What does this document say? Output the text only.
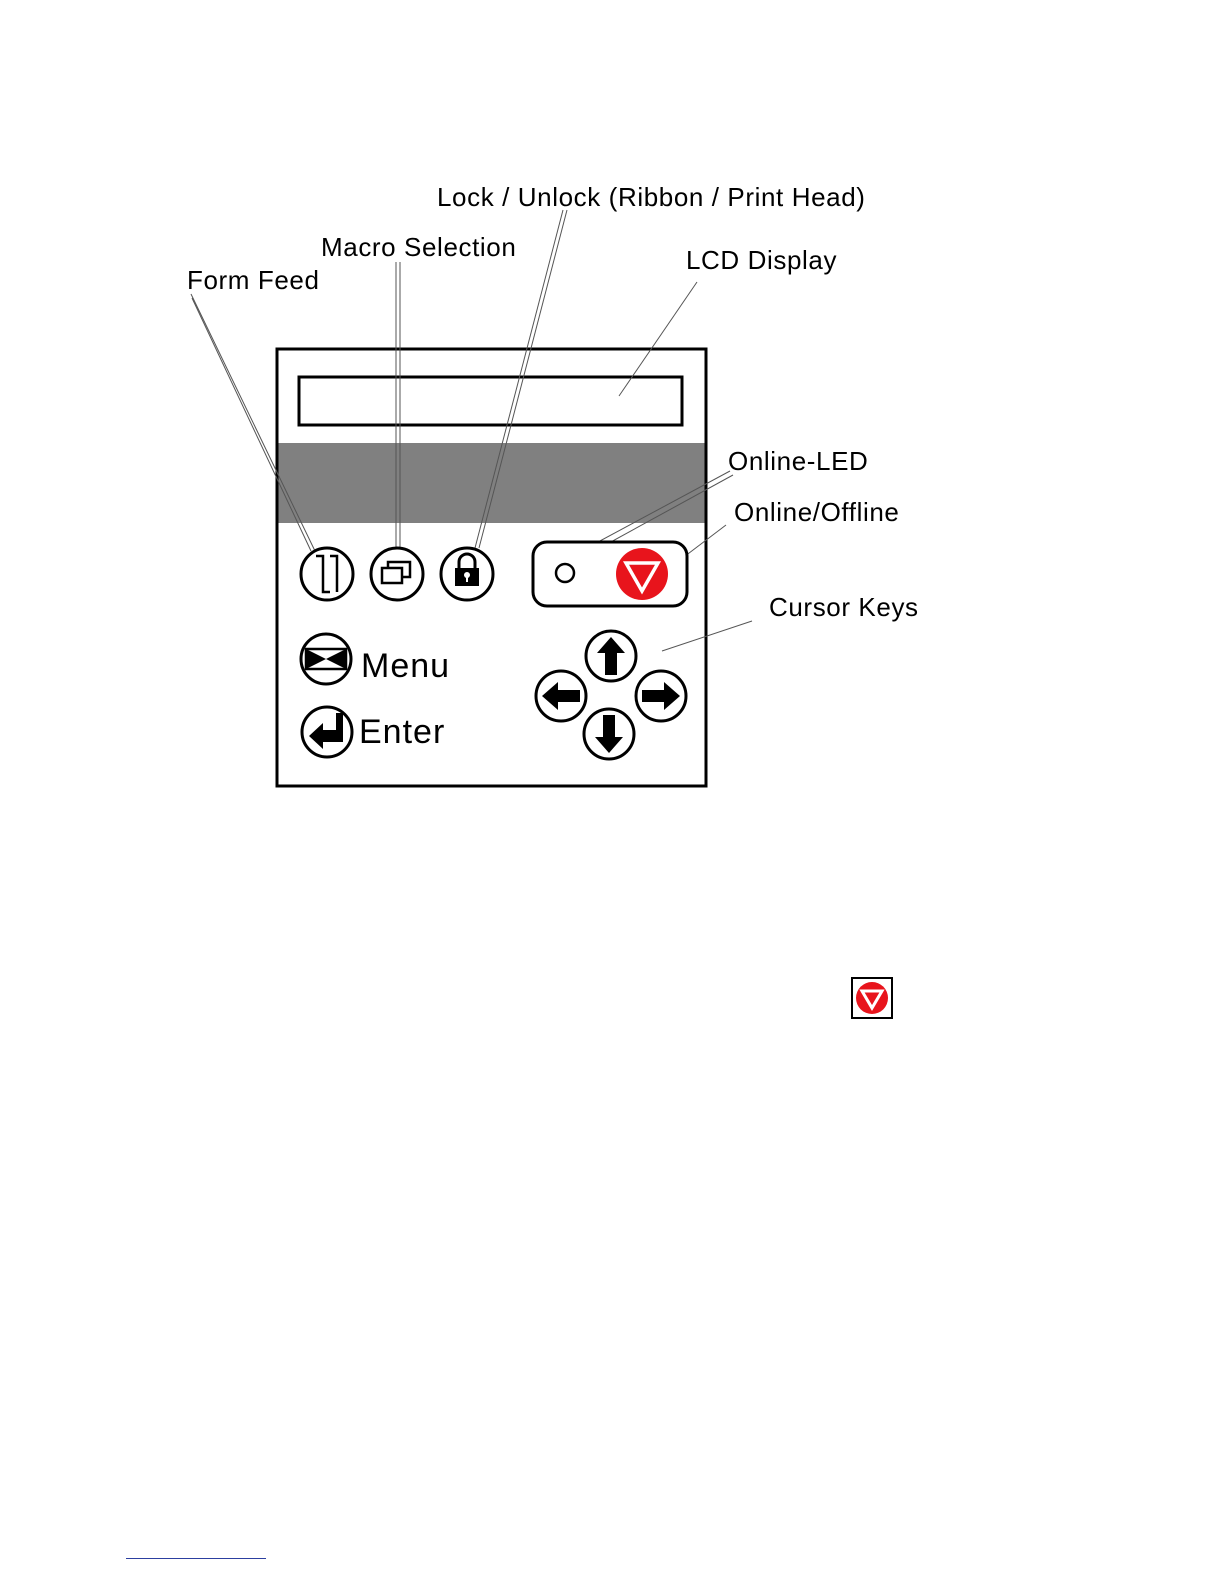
Lock / Unlock (Ribbon / Print Head)
Macro Selection
Form Feed
LCD Display
Online-LED
Online/Offline
Cursor Keys
Menu
Enter
